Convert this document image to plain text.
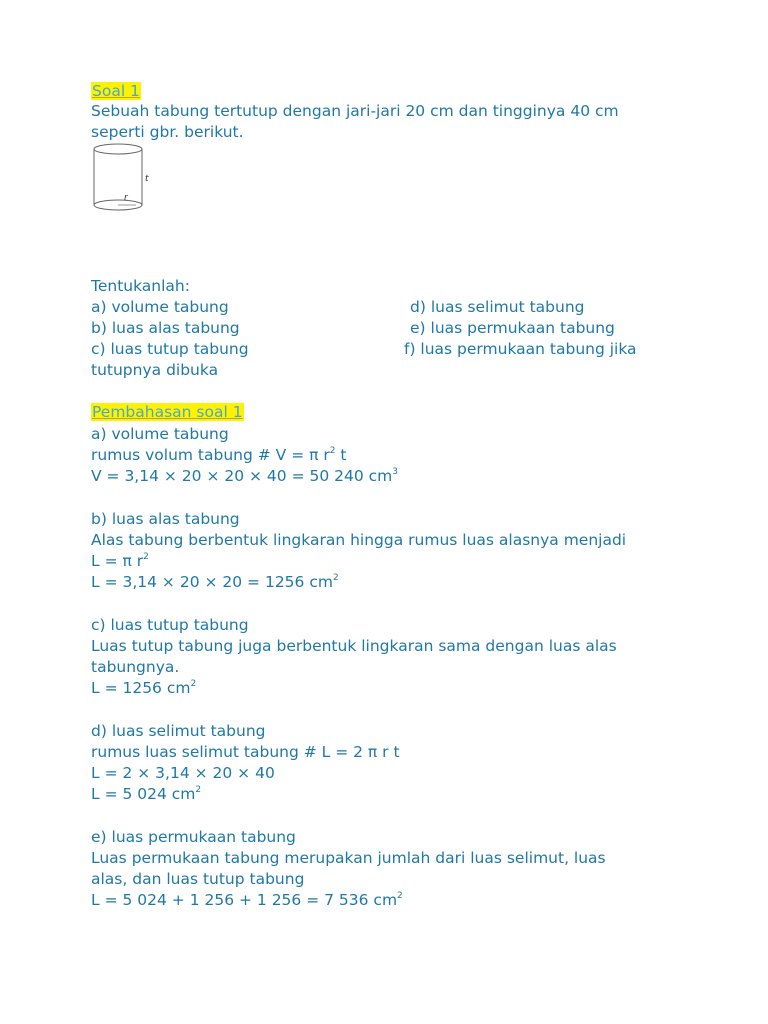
Soal 1
Sebuah tabung tertutup dengan jari-jari 20 cm dan tingginya 40 cm
seperti gbr. berikut.
t
r
Tentukanlah:
a) volume tabung	d) luas selimut tabung
b) luas alas tabung	e) luas permukaan tabung
c) luas tutup tabung	f) luas permukaan tabung jika
tutupnya dibuka
Pembahasan soal 1
a) volume tabung
rumus volum tabung # V = π $r^2$ t
V = 3,14 × 20 × 20 × 40 = 50 240 $cm^3$
b) luas alas tabung
Alas tabung berbentuk lingkaran hingga rumus luas alasnya menjadi
L = π $r^2$
L = 3,14 × 20 × 20 = 1256 $cm^2$
c) luas tutup tabung
Luas tutup tabung juga berbentuk lingkaran sama dengan luas alas
tabungnya.
L = 1256 $cm^2$
d) luas selimut tabung
rumus luas selimut tabung # L = 2 π r t
L = 2 × 3,14 × 20 × 40
L = 5 024 $cm^2$
e) luas permukaan tabung
Luas permukaan tabung merupakan jumlah dari luas selimut, luas
alas, dan luas tutup tabung
L = 5 024 + 1 256 + 1 256 = 7 536 $cm^2$
